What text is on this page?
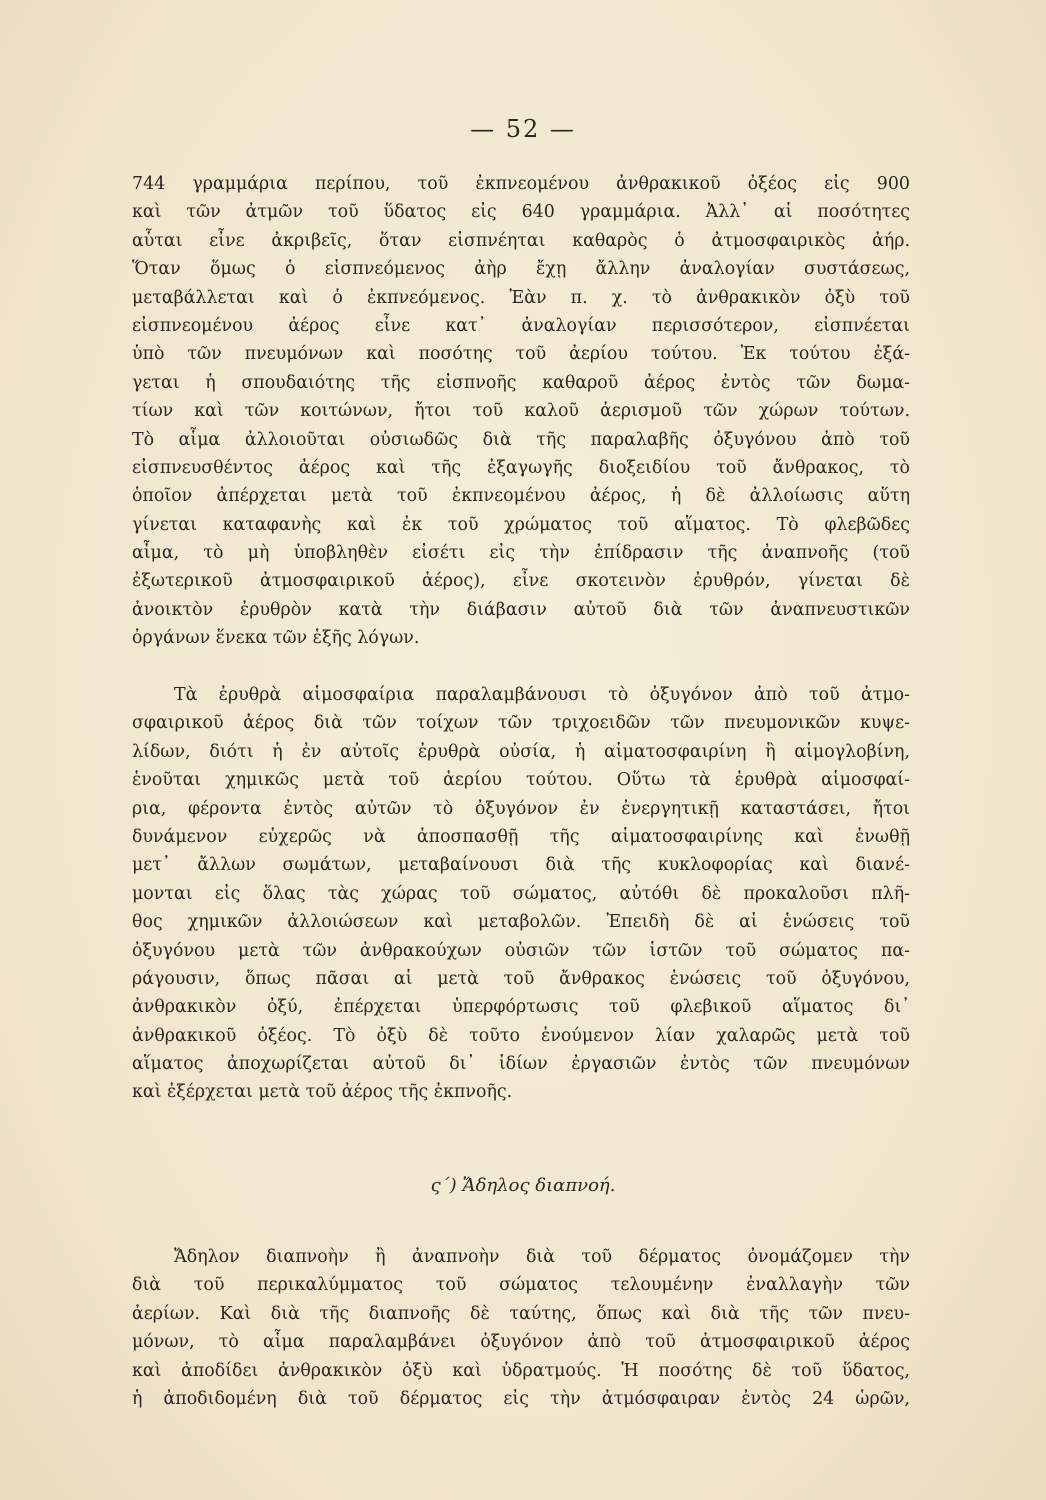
— 52 —
744 γραμμάρια περίπου, τοῦ ἐκπνεομένου ἀνθρακικοῦ ὀξέος εἰς 900
καὶ τῶν ἀτμῶν τοῦ ὕδατος εἰς 640 γραμμάρια. Ἀλλ᾽ αἱ ποσότητες
αὗται εἶνε ἀκριβεῖς, ὅταν εἰσπνέηται καθαρὸς ὁ ἀτμοσφαιρικὸς ἀήρ.
Ὅταν ὅμως ὁ εἰσπνεόμενος ἀὴρ ἔχῃ ἄλλην ἀναλογίαν συστάσεως,
μεταβάλλεται καὶ ὁ ἐκπνεόμενος. Ἐὰν π. χ. τὸ ἀνθρακικὸν ὀξὺ τοῦ
εἰσπνεομένου ἀέρος εἶνε κατ᾽ ἀναλογίαν περισσότερον, εἰσπνέεται
ὑπὸ τῶν πνευμόνων καὶ ποσότης τοῦ ἀερίου τούτου. Ἐκ τούτου ἐξά-
γεται ἡ σπουδαιότης τῆς εἰσπνοῆς καθαροῦ ἀέρος ἐντὸς τῶν δωμα-
τίων καὶ τῶν κοιτώνων, ἤτοι τοῦ καλοῦ ἀερισμοῦ τῶν χώρων τούτων.
Τὸ αἷμα ἀλλοιοῦται οὐσιωδῶς διὰ τῆς παραλαβῆς ὀξυγόνου ἀπὸ τοῦ
εἰσπνευσθέντος ἀέρος καὶ τῆς ἐξαγωγῆς διοξειδίου τοῦ ἄνθρακος, τὸ
ὁποῖον ἀπέρχεται μετὰ τοῦ ἐκπνεομένου ἀέρος, ἡ δὲ ἀλλοίωσις αὕτη
γίνεται καταφανὴς καὶ ἐκ τοῦ χρώματος τοῦ αἵματος. Τὸ φλεβῶδες
αἷμα, τὸ μὴ ὑποβληθὲν εἰσέτι εἰς τὴν ἐπίδρασιν τῆς ἀναπνοῆς (τοῦ
ἐξωτερικοῦ ἀτμοσφαιρικοῦ ἀέρος), εἶνε σκοτεινὸν ἐρυθρόν, γίνεται δὲ
ἀνοικτὸν ἐρυθρὸν κατὰ τὴν διάβασιν αὐτοῦ διὰ τῶν ἀναπνευστικῶν
ὀργάνων ἕνεκα τῶν ἑξῆς λόγων.
Τὰ ἐρυθρὰ αἱμοσφαίρια παραλαμβάνουσι τὸ ὀξυγόνον ἀπὸ τοῦ ἀτμο-
σφαιρικοῦ ἀέρος διὰ τῶν τοίχων τῶν τριχοειδῶν τῶν πνευμονικῶν κυψε-
λίδων, διότι ἡ ἐν αὐτοῖς ἐρυθρὰ οὐσία, ἡ αἱματοσφαιρίνη ἢ αἱμογλοβίνη,
ἑνοῦται χημικῶς μετὰ τοῦ ἀερίου τούτου. Οὕτω τὰ ἐρυθρὰ αἱμοσφαί-
ρια, φέροντα ἐντὸς αὐτῶν τὸ ὀξυγόνον ἐν ἐνεργητικῇ καταστάσει, ἤτοι
δυνάμενον εὐχερῶς νὰ ἀποσπασθῇ τῆς αἱματοσφαιρίνης καὶ ἑνωθῇ
μετ᾽ ἄλλων σωμάτων, μεταβαίνουσι διὰ τῆς κυκλοφορίας καὶ διανέ-
μονται εἰς ὅλας τὰς χώρας τοῦ σώματος, αὐτόθι δὲ προκαλοῦσι πλῆ-
θος χημικῶν ἀλλοιώσεων καὶ μεταβολῶν. Ἐπειδὴ δὲ αἱ ἑνώσεις τοῦ
ὀξυγόνου μετὰ τῶν ἀνθρακούχων οὐσιῶν τῶν ἱστῶν τοῦ σώματος πα-
ράγουσιν, ὅπως πᾶσαι αἱ μετὰ τοῦ ἄνθρακος ἑνώσεις τοῦ ὀξυγόνου,
ἀνθρακικὸν ὀξύ, ἐπέρχεται ὑπερφόρτωσις τοῦ φλεβικοῦ αἵματος δι᾽
ἀνθρακικοῦ ὀξέος. Τὸ ὀξὺ δὲ τοῦτο ἑνούμενον λίαν χαλαρῶς μετὰ τοῦ
αἵματος ἀποχωρίζεται αὐτοῦ δι᾽ ἰδίων ἐργασιῶν ἐντὸς τῶν πνευμόνων
καὶ ἐξέρχεται μετὰ τοῦ ἀέρος τῆς ἐκπνοῆς.
ς΄) Ἄδηλος διαπνοή.
Ἄδηλον διαπνοὴν ἢ ἀναπνοὴν διὰ τοῦ δέρματος ὀνομάζομεν τὴν
διὰ τοῦ περικαλύμματος τοῦ σώματος τελουμένην ἐναλλαγὴν τῶν
ἀερίων. Καὶ διὰ τῆς διαπνοῆς δὲ ταύτης, ὅπως καὶ διὰ τῆς τῶν πνευ-
μόνων, τὸ αἷμα παραλαμβάνει ὀξυγόνον ἀπὸ τοῦ ἀτμοσφαιρικοῦ ἀέρος
καὶ ἀποδίδει ἀνθρακικὸν ὀξὺ καὶ ὑδρατμούς. Ἡ ποσότης δὲ τοῦ ὕδατος,
ἡ ἀποδιδομένη διὰ τοῦ δέρματος εἰς τὴν ἀτμόσφαιραν ἐντὸς 24 ὡρῶν,
